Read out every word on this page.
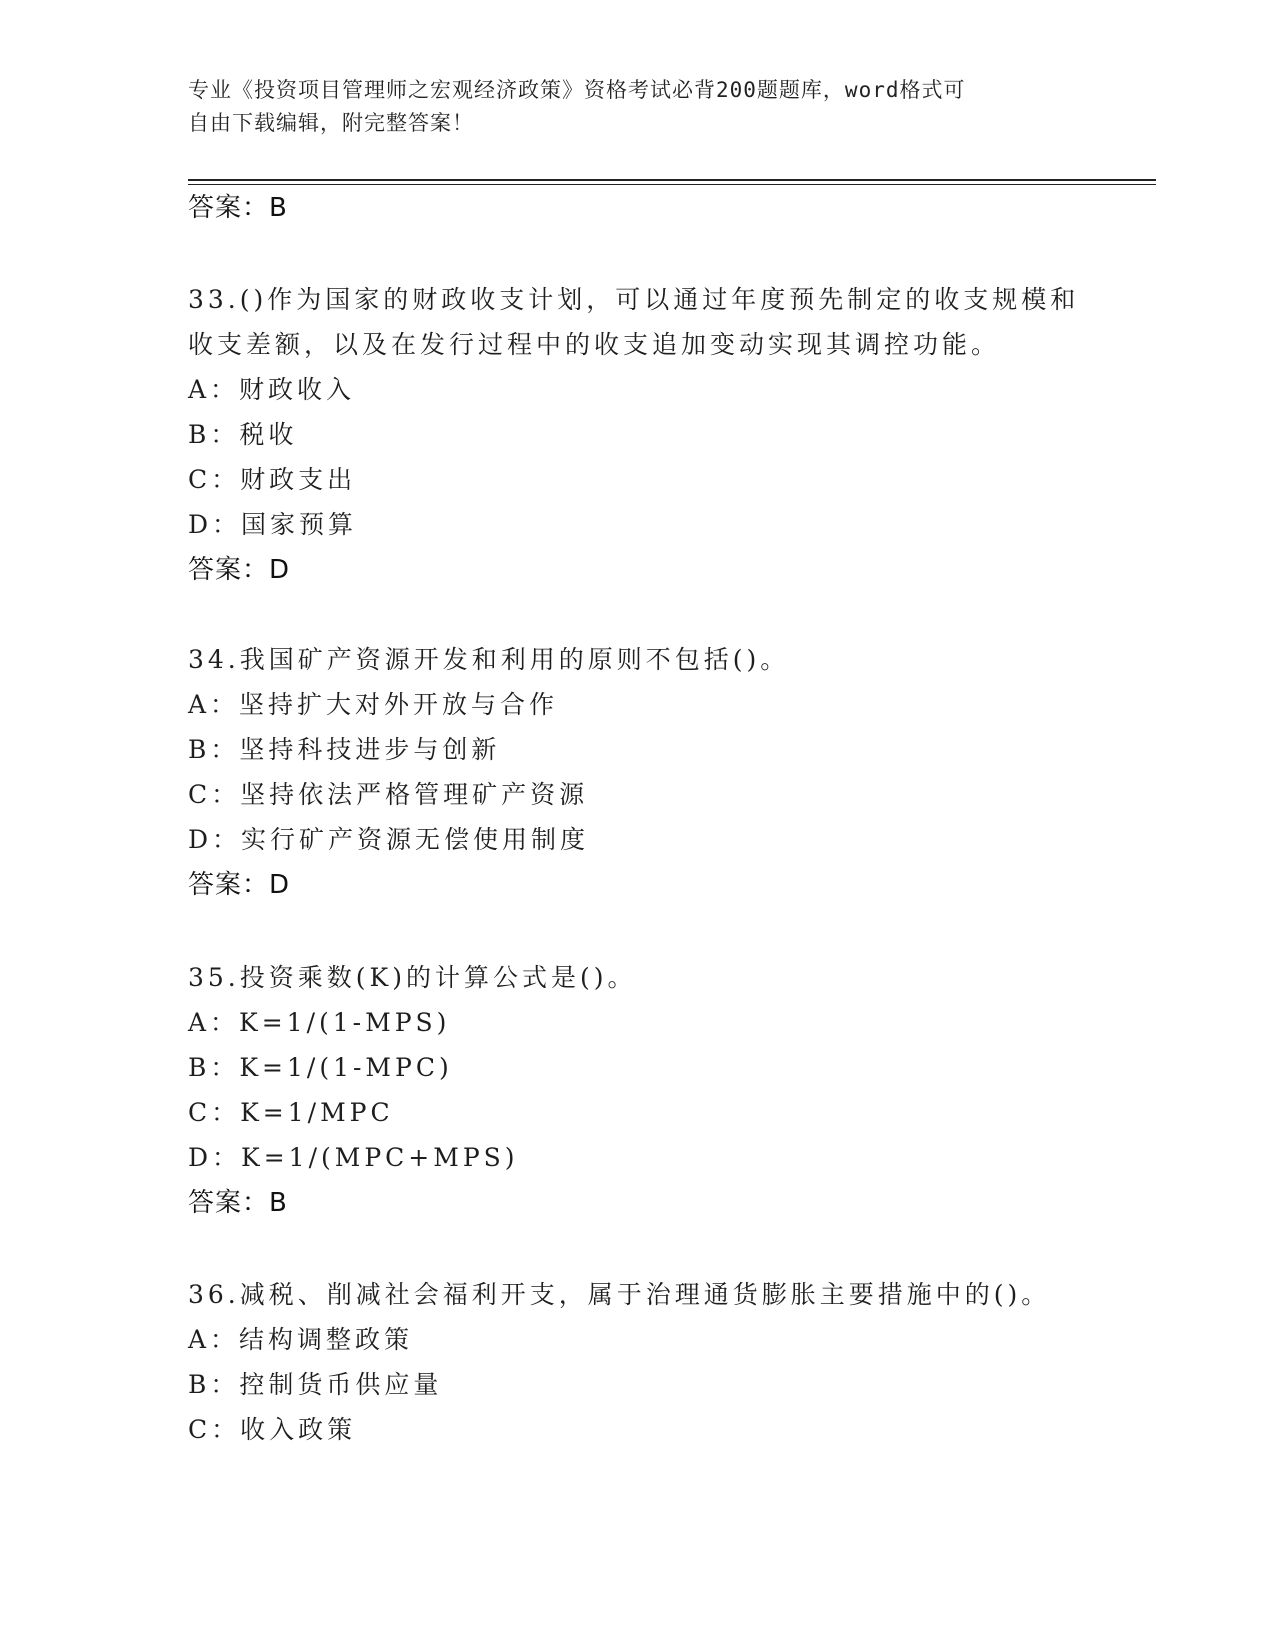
专业《投资项目管理师之宏观经济政策》资格考试必背200题题库，word格式可
自由下载编辑，附完整答案！
答案：B
33.()作为国家的财政收支计划，可以通过年度预先制定的收支规模和
收支差额，以及在发行过程中的收支追加变动实现其调控功能。
A：财政收入
B：税收
C：财政支出
D：国家预算
答案：D
34.我国矿产资源开发和利用的原则不包括()。
A：坚持扩大对外开放与合作
B：坚持科技进步与创新
C：坚持依法严格管理矿产资源
D：实行矿产资源无偿使用制度
答案：D
35.投资乘数(K)的计算公式是()。
A：K=1/(1-MPS)
B：K=1/(1-MPC)
C：K=1/MPC
D：K=1/(MPC+MPS)
答案：B
36.减税、削减社会福利开支，属于治理通货膨胀主要措施中的()。
A：结构调整政策
B：控制货币供应量
C：收入政策
